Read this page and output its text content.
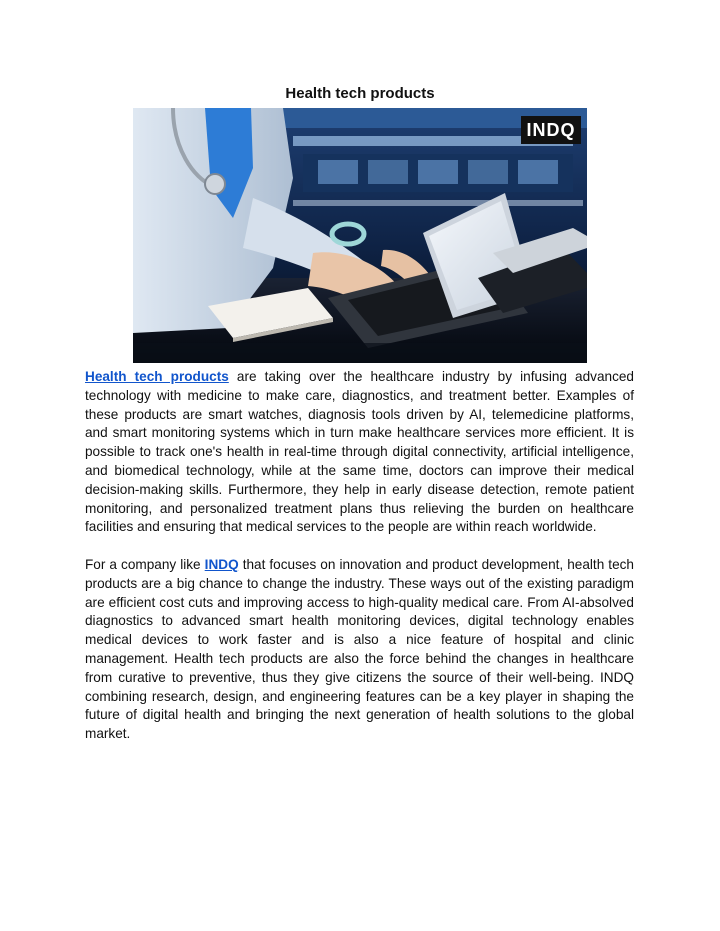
Health tech products
INDQ

Health tech products are taking over the healthcare industry by infusing advanced technology with medicine to make care, diagnostics, and treatment better. Examples of these products are smart watches, diagnosis tools driven by AI, telemedicine platforms, and smart monitoring systems which in turn make healthcare services more efficient. It is possible to track one's health in real-time through digital connectivity, artificial intelligence, and biomedical technology, while at the same time, doctors can improve their medical decision-making skills. Furthermore, they help in early disease detection, remote patient monitoring, and personalized treatment plans thus relieving the burden on healthcare facilities and ensuring that medical services to the people are within reach worldwide.

For a company like INDQ that focuses on innovation and product development, health tech products are a big chance to change the industry. These ways out of the existing paradigm are efficient cost cuts and improving access to high-quality medical care. From AI-absolved diagnostics to advanced smart health monitoring devices, digital technology enables medical devices to work faster and is also a nice feature of hospital and clinic management. Health tech products are also the force behind the changes in healthcare from curative to preventive, thus they give citizens the source of their well-being. INDQ combining research, design, and engineering features can be a key player in shaping the future of digital health and bringing the next generation of health solutions to the global market.
